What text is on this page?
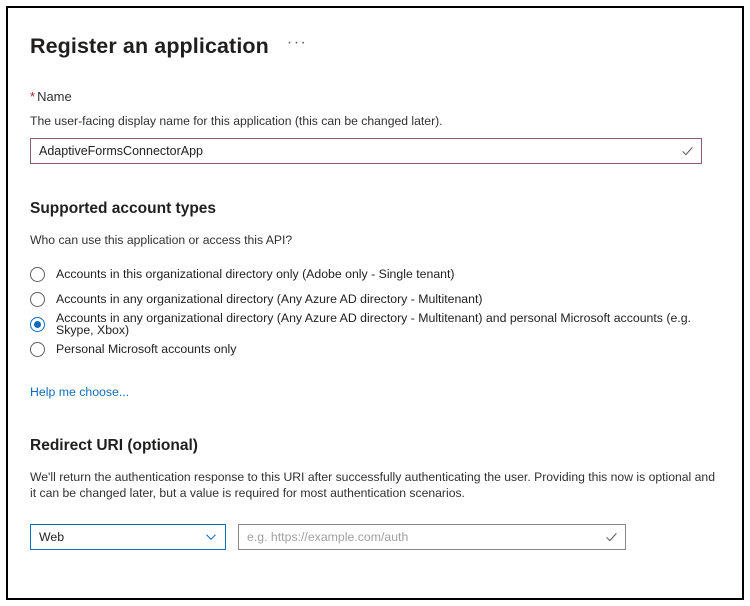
Register an application ···
* Name
The user-facing display name for this application (this can be changed later).
AdaptiveFormsConnectorApp
Supported account types
Who can use this application or access this API?
Accounts in this organizational directory only (Adobe only - Single tenant)
Accounts in any organizational directory (Any Azure AD directory - Multitenant)
Accounts in any organizational directory (Any Azure AD directory - Multitenant) and personal Microsoft accounts (e.g. Skype, Xbox)
Personal Microsoft accounts only
Help me choose...
Redirect URI (optional)
We'll return the authentication response to this URI after successfully authenticating the user. Providing this now is optional and it can be changed later, but a value is required for most authentication scenarios.
Web
e.g. https://example.com/auth
